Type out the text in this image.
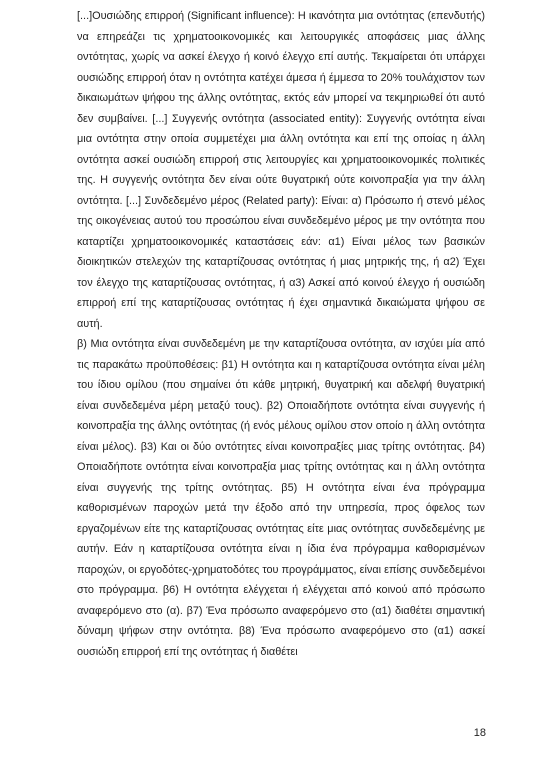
[...]Ουσιώδης επιρροή (Significant influence): Η ικανότητα μια οντότητας (επενδυτής) να επηρεάζει τις χρηματοοικονομικές και λειτουργικές αποφάσεις μιας άλλης οντότητας, χωρίς να ασκεί έλεγχο ή κοινό έλεγχο επί αυτής. Τεκμαίρεται ότι υπάρχει ουσιώδης επιρροή όταν η οντότητα κατέχει άμεσα ή έμμεσα το 20% τουλάχιστον των δικαιωμάτων ψήφου της άλλης οντότητας, εκτός εάν μπορεί να τεκμηριωθεί ότι αυτό δεν συμβαίνει. [...] Συγγενής οντότητα (associated entity): Συγγενής οντότητα είναι μια οντότητα στην οποία συμμετέχει μια άλλη οντότητα και επί της οποίας η άλλη οντότητα ασκεί ουσιώδη επιρροή στις λειτουργίες και χρηματοοικονομικές πολιτικές της. Η συγγενής οντότητα δεν είναι ούτε θυγατρική ούτε κοινοπραξία για την άλλη οντότητα. [...] Συνδεδεμένο μέρος (Related party): Είναι: α) Πρόσωπο ή στενό μέλος της οικογένειας αυτού του προσώπου είναι συνδεδεμένο μέρος με την οντότητα που καταρτίζει χρηματοοικονομικές καταστάσεις εάν: α1) Είναι μέλος των βασικών διοικητικών στελεχών της καταρτίζουσας οντότητας ή μιας μητρικής της, ή α2) Έχει τον έλεγχο της καταρτίζουσας οντότητας, ή α3) Ασκεί από κοινού έλεγχο ή ουσιώδη επιρροή επί της καταρτίζουσας οντότητας ή έχει σημαντικά δικαιώματα ψήφου σε αυτή.

β) Μια οντότητα είναι συνδεδεμένη με την καταρτίζουσα οντότητα, αν ισχύει μία από τις παρακάτω προϋποθέσεις: β1) Η οντότητα και η καταρτίζουσα οντότητα είναι μέλη του ίδιου ομίλου (που σημαίνει ότι κάθε μητρική, θυγατρική και αδελφή θυγατρική είναι συνδεδεμένα μέρη μεταξύ τους). β2) Οποιαδήποτε οντότητα είναι συγγενής ή κοινοπραξία της άλλης οντότητας (ή ενός μέλους ομίλου στον οποίο η άλλη οντότητα είναι μέλος). β3) Και οι δύο οντότητες είναι κοινοπραξίες μιας τρίτης οντότητας. β4) Οποιαδήποτε οντότητα είναι κοινοπραξία μιας τρίτης οντότητας και η άλλη οντότητα είναι συγγενής της τρίτης οντότητας. β5) Η οντότητα είναι ένα πρόγραμμα καθορισμένων παροχών μετά την έξοδο από την υπηρεσία, προς όφελος των εργαζομένων είτε της καταρτίζουσας οντότητας είτε μιας οντότητας συνδεδεμένης με αυτήν. Εάν η καταρτίζουσα οντότητα είναι η ίδια ένα πρόγραμμα καθορισμένων παροχών, οι εργοδότες-χρηματοδότες του προγράμματος, είναι επίσης συνδεδεμένοι στο πρόγραμμα. β6) Η οντότητα ελέγχεται ή ελέγχεται από κοινού από πρόσωπο αναφερόμενο στο (α). β7) Ένα πρόσωπο αναφερόμενο στο (α1) διαθέτει σημαντική δύναμη ψήφων στην οντότητα. β8) Ένα πρόσωπο αναφερόμενο στο (α1) ασκεί ουσιώδη επιρροή επί της οντότητας ή διαθέτει

18
